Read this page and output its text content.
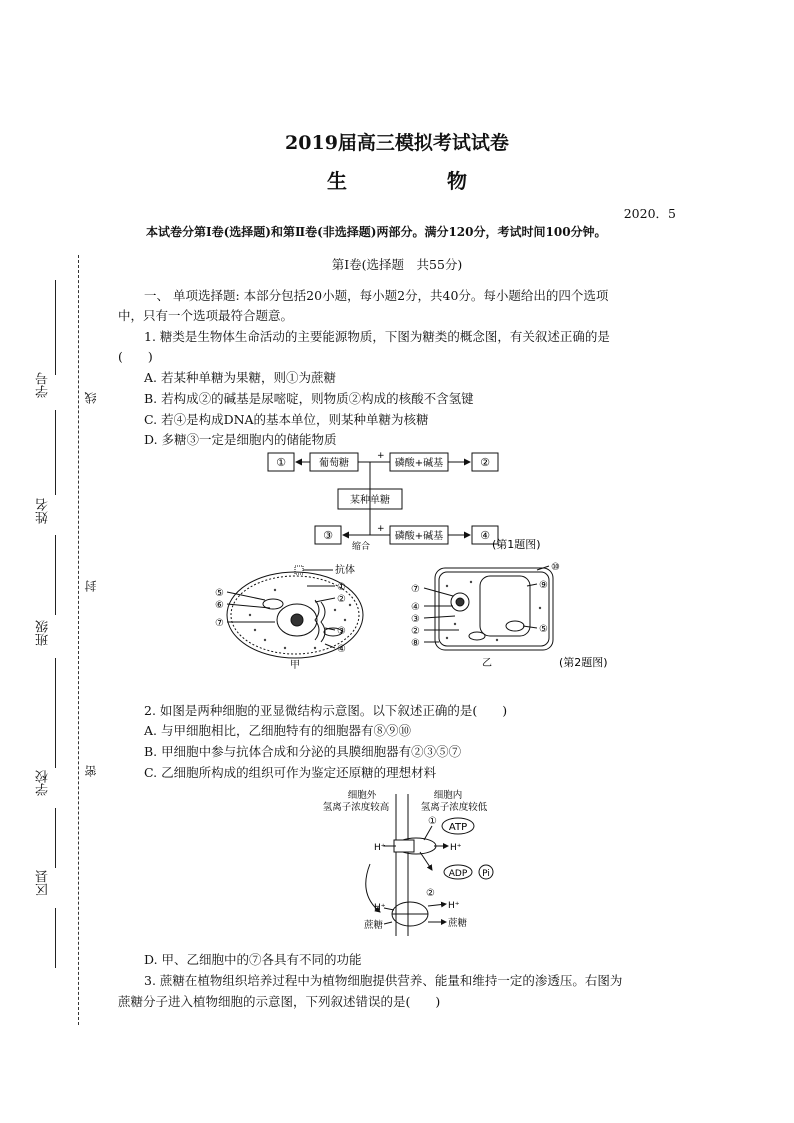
2019届高三模拟考试试卷
生　物
2020．5
本试卷分第Ⅰ卷(选择题)和第Ⅱ卷(非选择题)两部分。满分120分，考试时间100分钟。
第Ⅰ卷(选择题　共55分)
学号
姓名
班级
学校
区县
线
封
密
一、 单项选择题: 本部分包括20小题，每小题2分，共40分。每小题给出的四个选项
中，只有一个选项最符合题意。
1. 糖类是生物体生命活动的主要能源物质，下图为糖类的概念图，有关叙述正确的是
(　　)
A. 若某种单糖为果糖，则①为蔗糖
B. 若构成②的碱基是尿嘧啶，则物质②构成的核酸不含氢键
C. 若④是构成DNA的基本单位，则某种单糖为核糖
D. 多糖③一定是细胞内的储能物质
①	葡萄糖
+
磷酸+碱基	②
某种单糖
③
缩合
+
磷酸+碱基	④
(第1题图)
抗体
⑤
⑥
⑦
①
②
③
④
甲
⑦
④
③
②
⑧
⑩
⑨
⑤
乙	(第2题图)
2. 如图是两种细胞的亚显微结构示意图。以下叙述正确的是(　　)
A. 与甲细胞相比，乙细胞特有的细胞器有⑧⑨⑩
B. 甲细胞中参与抗体合成和分泌的具膜细胞器有②③⑤⑦
C. 乙细胞所构成的组织可作为鉴定还原糖的理想材料
细胞外
氢离子浓度较高
细胞内
氢离子浓度较低
①
ATP
H⁺	H⁺
ADP Pi
②
H⁺	H⁺
蔗糖	蔗糖
D. 甲、乙细胞中的⑦各具有不同的功能
3. 蔗糖在植物组织培养过程中为植物细胞提供营养、能量和维持一定的渗透压。右图为
蔗糖分子进入植物细胞的示意图，下列叙述错误的是(　　)
